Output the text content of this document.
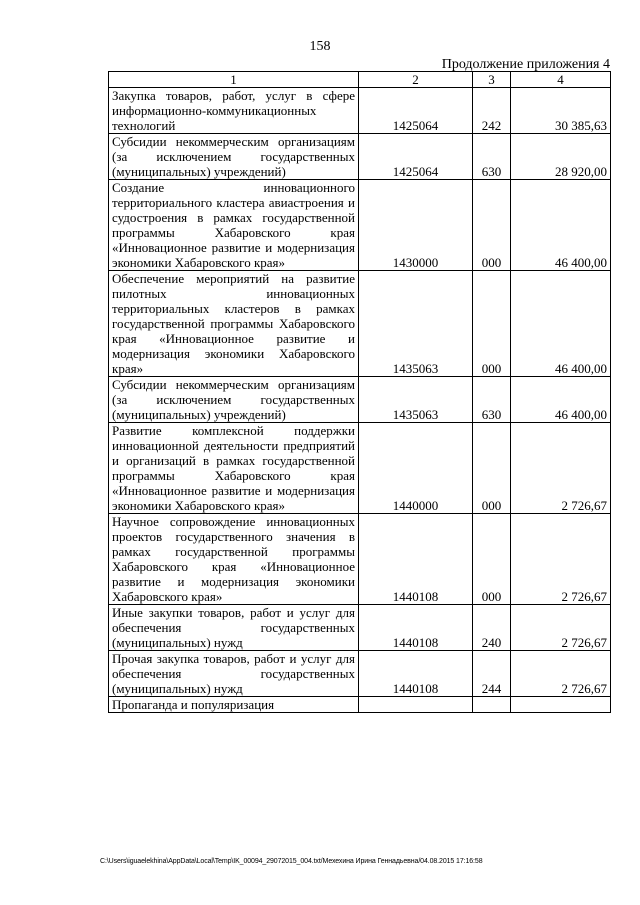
158
Продолжение приложения 4
1	2	3	4
Закупка товаров, работ, услуг в сфере информационно-коммуникационных технологий	1425064	242	30 385,63
Субсидии некоммерческим организациям (за исключением государственных (муниципальных) учреждений)	1425064	630	28 920,00
Создание инновационного территориального кластера авиастроения и судостроения в рамках государственной программы Хабаровского края «Инновационное развитие и модернизация экономики Хабаровского края»	1430000	000	46 400,00
Обеспечение мероприятий на развитие пилотных инновационных территориальных кластеров в рамках государственной программы Хабаровского края «Инновационное развитие и модернизация экономики Хабаровского края»	1435063	000	46 400,00
Субсидии некоммерческим организациям (за исключением государственных (муниципальных) учреждений)	1435063	630	46 400,00
Развитие комплексной поддержки инновационной деятельности предприятий и организаций в рамках государственной программы Хабаровского края «Инновационное развитие и модернизация экономики Хабаровского края»	1440000	000	2 726,67
Научное сопровождение инновационных проектов государственного значения в рамках государственной программы Хабаровского края «Инновационное развитие и модернизация экономики Хабаровского края»	1440108	000	2 726,67
Иные закупки товаров, работ и услуг для обеспечения государственных (муниципальных) нужд	1440108	240	2 726,67
Прочая закупка товаров, работ и услуг для обеспечения государственных (муниципальных) нужд	1440108	244	2 726,67
Пропаганда и популяризация			
C:\Users\iguaelekhina\AppData\Local\Temp\IK_00094_29072015_004.txt/Мехехина Ирина Геннадьевна/04.08.2015 17:16:58
